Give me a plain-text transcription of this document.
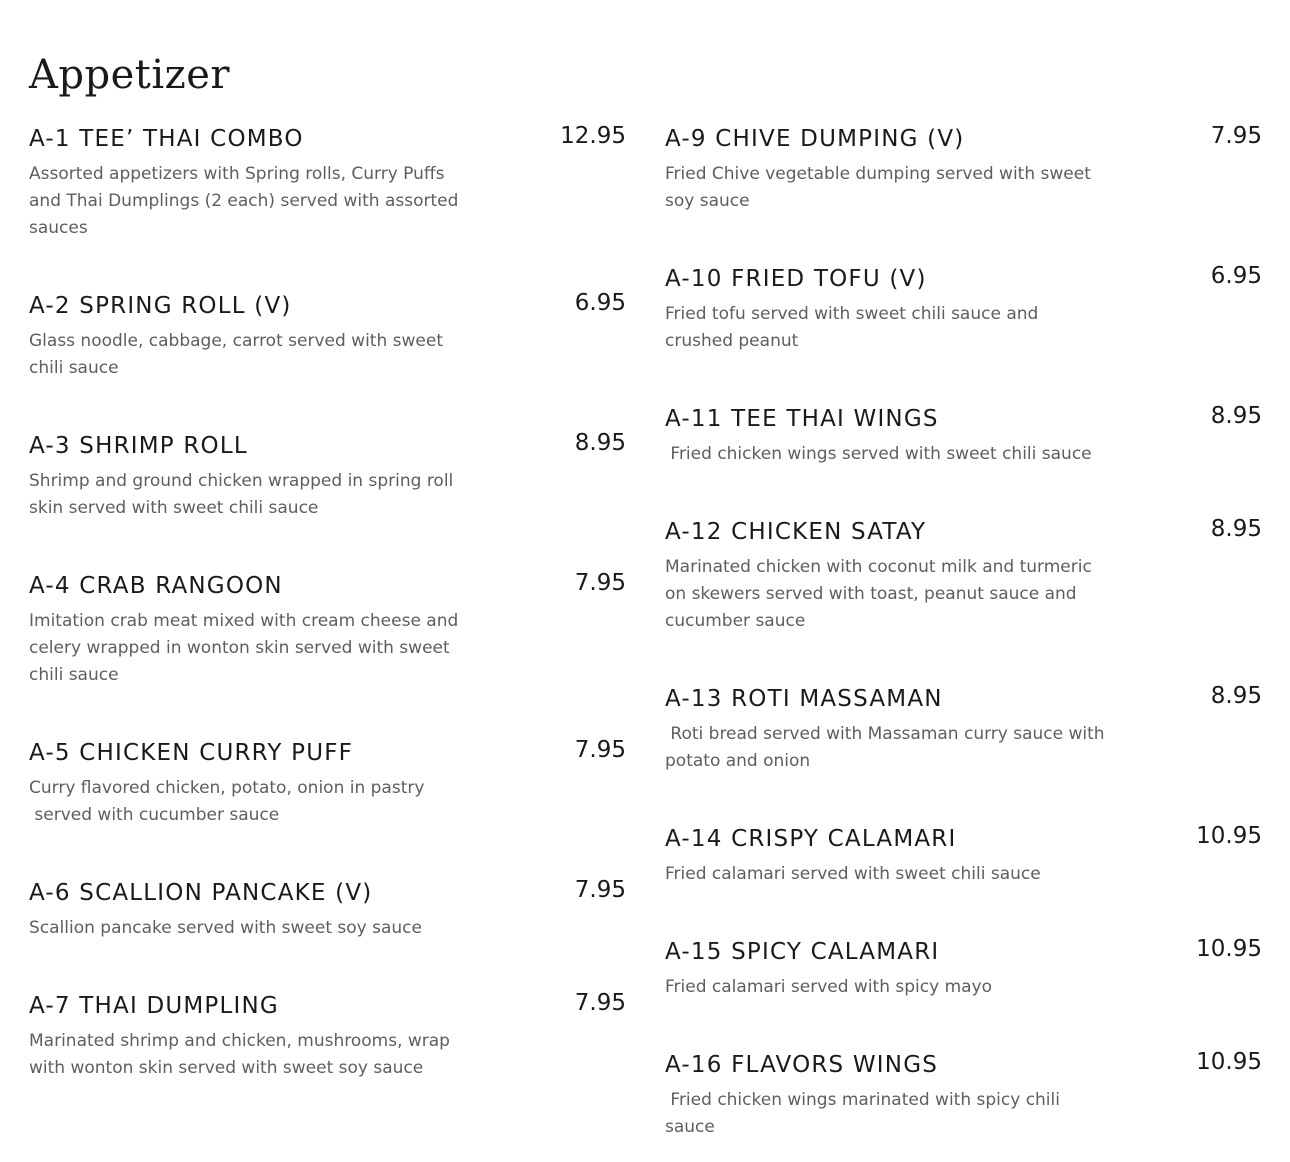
Appetizer
A-1 TEE’ THAI COMBO	12.95
Assorted appetizers with Spring rolls, Curry Puffs and Thai Dumplings (2 each) served with assorted sauces
A-2 SPRING ROLL (V)	6.95
Glass noodle, cabbage, carrot served with sweet chili sauce
A-3 SHRIMP ROLL	8.95
Shrimp and ground chicken wrapped in spring roll skin served with sweet chili sauce
A-4 CRAB RANGOON	7.95
Imitation crab meat mixed with cream cheese and celery wrapped in wonton skin served with sweet chili sauce
A-5 CHICKEN CURRY PUFF	7.95
Curry flavored chicken, potato, onion in pastry
served with cucumber sauce
A-6 SCALLION PANCAKE (V)	7.95
Scallion pancake served with sweet soy sauce
A-7 THAI DUMPLING	7.95
Marinated shrimp and chicken, mushrooms, wrap with wonton skin served with sweet soy sauce
A-9 CHIVE DUMPING (V)	7.95
Fried Chive vegetable dumping served with sweet soy sauce
A-10 FRIED TOFU (V)	6.95
Fried tofu served with sweet chili sauce and crushed peanut
A-11 TEE THAI WINGS	8.95
Fried chicken wings served with sweet chili sauce
A-12 CHICKEN SATAY	8.95
Marinated chicken with coconut milk and turmeric on skewers served with toast, peanut sauce and cucumber sauce
A-13 ROTI MASSAMAN	8.95
Roti bread served with Massaman curry sauce with potato and onion
A-14 CRISPY CALAMARI	10.95
Fried calamari served with sweet chili sauce
A-15 SPICY CALAMARI	10.95
Fried calamari served with spicy mayo
A-16 FLAVORS WINGS	10.95
Fried chicken wings marinated with spicy chili sauce
